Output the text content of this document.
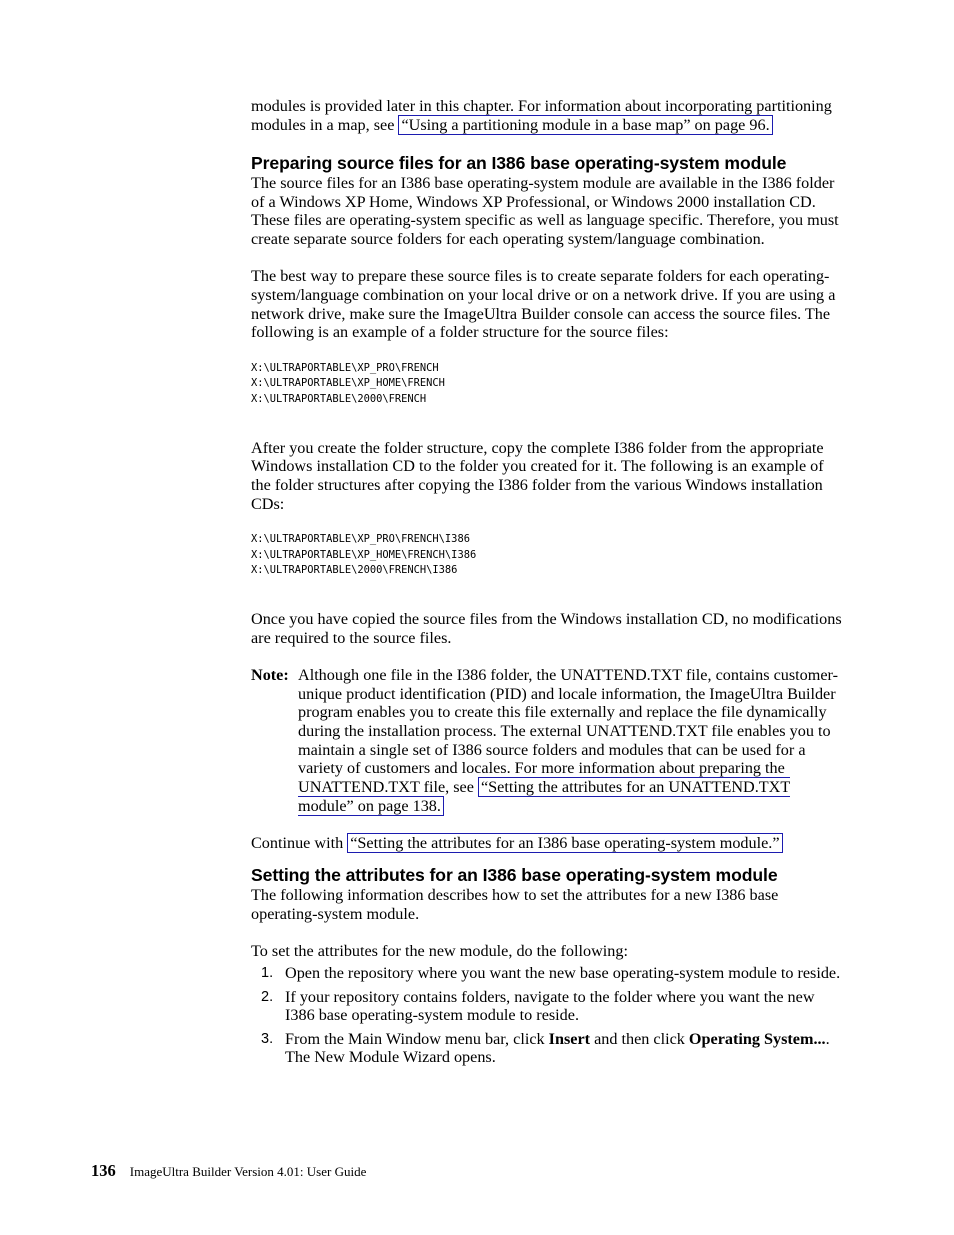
modules is provided later in this chapter. For information about incorporating partitioning modules in a map, see “Using a partitioning module in a base map” on page 96.

Preparing source files for an I386 base operating-system module

The source files for an I386 base operating-system module are available in the I386 folder of a Windows XP Home, Windows XP Professional, or Windows 2000 installation CD. These files are operating-system specific as well as language specific. Therefore, you must create separate source folders for each operating system/language combination.

The best way to prepare these source files is to create separate folders for each operating-system/language combination on your local drive or on a network drive. If you are using a network drive, make sure the ImageUltra Builder console can access the source files. The following is an example of a folder structure for the source files:

X:\ULTRAPORTABLE\XP_PRO\FRENCH
X:\ULTRAPORTABLE\XP_HOME\FRENCH
X:\ULTRAPORTABLE\2000\FRENCH

After you create the folder structure, copy the complete I386 folder from the appropriate Windows installation CD to the folder you created for it. The following is an example of the folder structures after copying the I386 folder from the various Windows installation CDs:

X:\ULTRAPORTABLE\XP_PRO\FRENCH\I386
X:\ULTRAPORTABLE\XP_HOME\FRENCH\I386
X:\ULTRAPORTABLE\2000\FRENCH\I386

Once you have copied the source files from the Windows installation CD, no modifications are required to the source files.

Note: Although one file in the I386 folder, the UNATTEND.TXT file, contains customer-unique product identification (PID) and locale information, the ImageUltra Builder program enables you to create this file externally and replace the file dynamically during the installation process. The external UNATTEND.TXT file enables you to maintain a single set of I386 source folders and modules that can be used for a variety of customers and locales. For more information about preparing the UNATTEND.TXT file, see “Setting the attributes for an UNATTEND.TXT module” on page 138.

Continue with “Setting the attributes for an I386 base operating-system module.”

Setting the attributes for an I386 base operating-system module

The following information describes how to set the attributes for a new I386 base operating-system module.

To set the attributes for the new module, do the following:

1. Open the repository where you want the new base operating-system module to reside.
2. If your repository contains folders, navigate to the folder where you want the new I386 base operating-system module to reside.
3. From the Main Window menu bar, click Insert and then click Operating System.... The New Module Wizard opens.
136 ImageUltra Builder Version 4.01: User Guide
